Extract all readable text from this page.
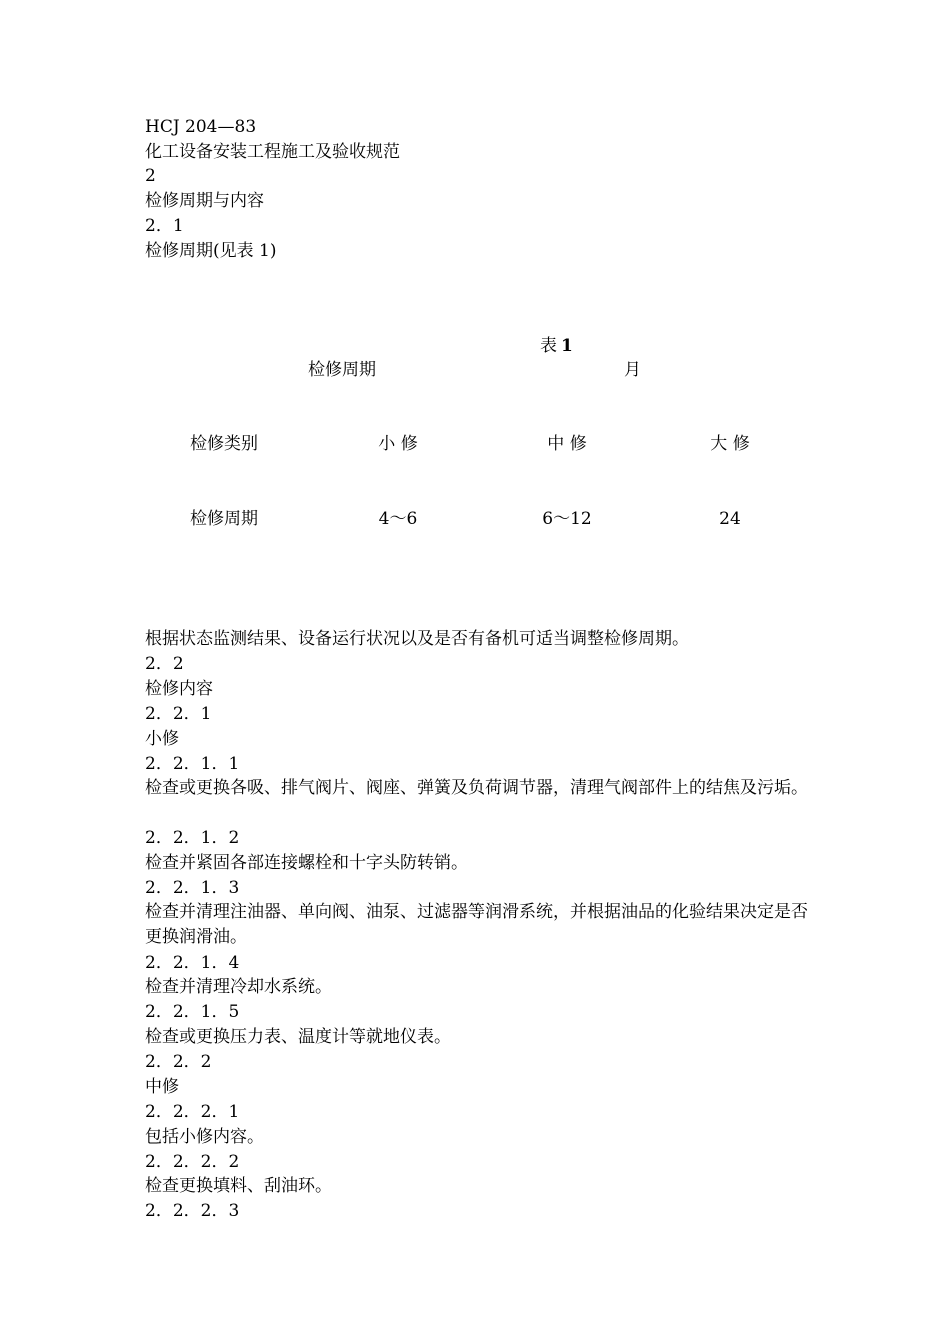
HCJ 204—83
化工设备安装工程施工及验收规范
2
检修周期与内容
2．1
检修周期(见表 1)
表 1
检修周期	月
检修类别	小 修	中 修	大 修
检修周期	4～6	6～12	24
根据状态监测结果、设备运行状况以及是否有备机可适当调整检修周期。
2．2
检修内容
2．2．1
小修
2．2．1．1
检查或更换各吸、排气阀片、阀座、弹簧及负荷调节器，清理气阀部件上的结焦及污垢。
2．2．1．2
检查并紧固各部连接螺栓和十字头防转销。
2．2．1．3
检查并清理注油器、单向阀、油泵、过滤器等润滑系统，并根据油品的化验结果决定是否更换润滑油。
2．2．1．4
检查并清理冷却水系统。
2．2．1．5
检查或更换压力表、温度计等就地仪表。
2．2．2
中修
2．2．2．1
包括小修内容。
2．2．2．2
检查更换填料、刮油环。
2．2．2．3
